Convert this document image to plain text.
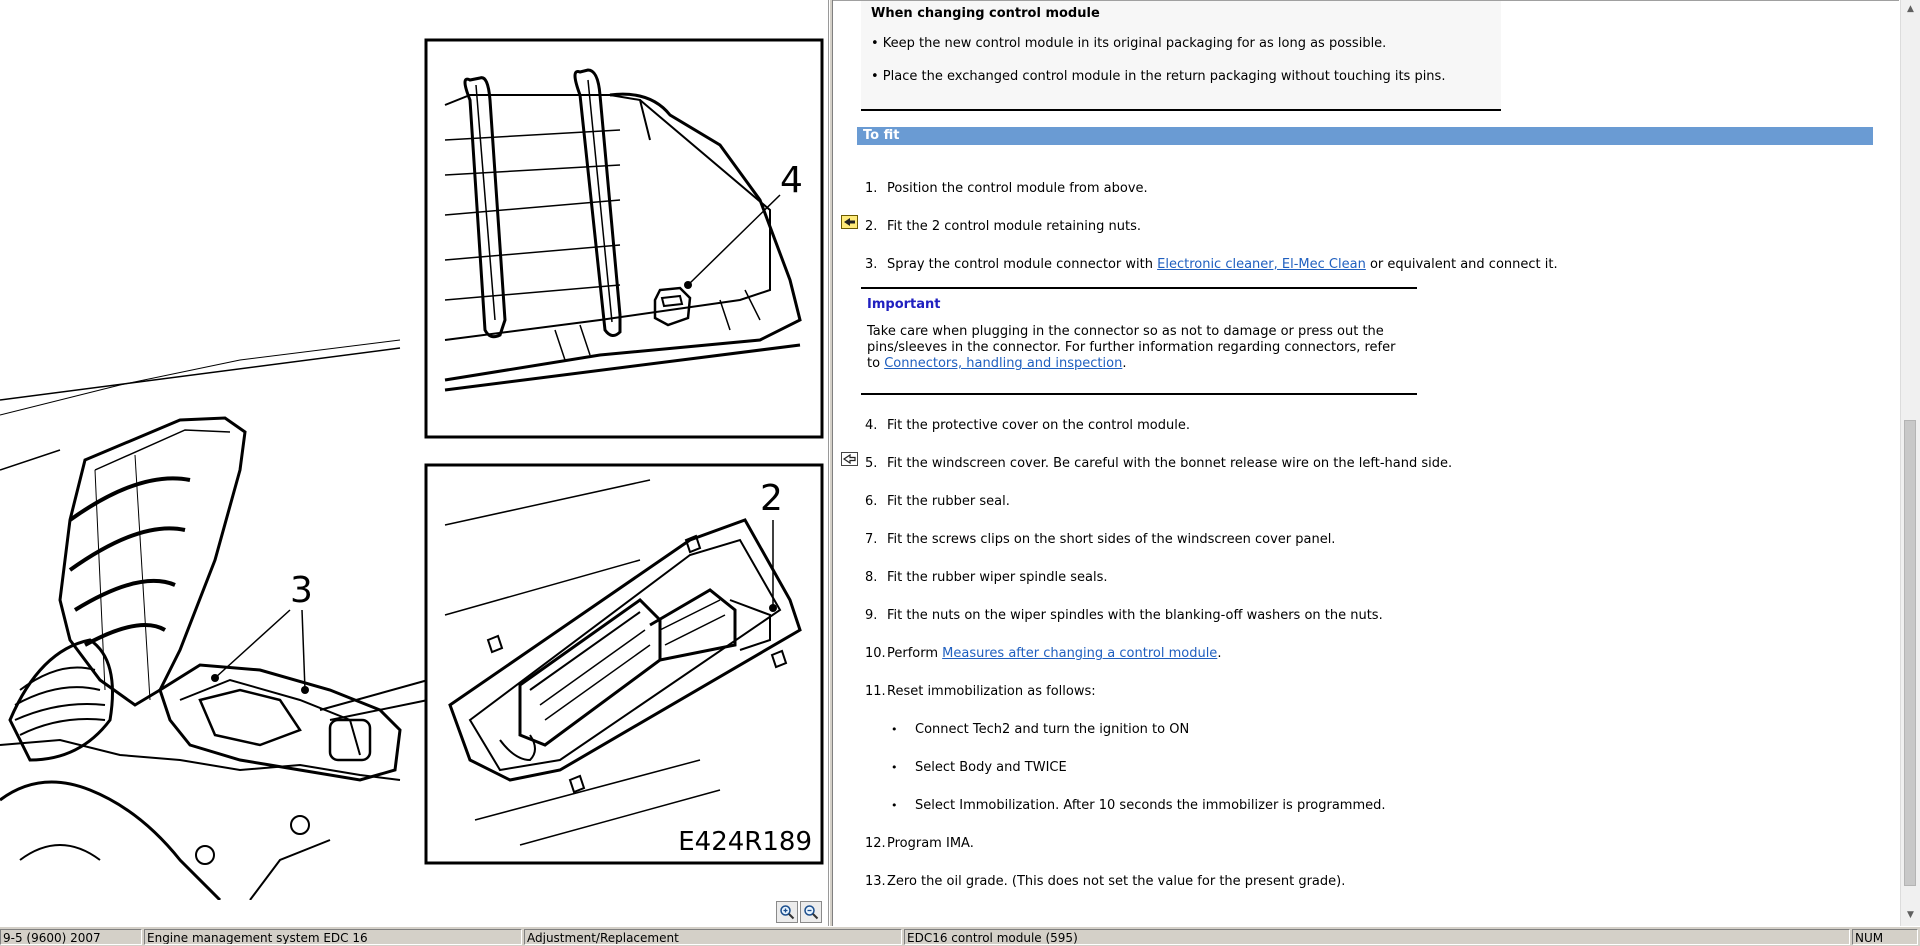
3
4
2
E424R189
When changing control module

• Keep the new control module in its original packaging for as long as possible.

• Place the exchanged control module in the return packaging without touching its pins.

To fit
1. Position the control module from above.
2. Fit the 2 control module retaining nuts.
3. Spray the control module connector with Electronic cleaner, El-Mec Clean or equivalent and connect it.
Important
Take care when plugging in the connector so as not to damage or press out the
pins/sleeves in the connector. For further information regarding connectors, refer
to Connectors, handling and inspection.
4. Fit the protective cover on the control module.
5. Fit the windscreen cover. Be careful with the bonnet release wire on the left-hand side.
6. Fit the rubber seal.
7. Fit the screws clips on the short sides of the windscreen cover panel.
8. Fit the rubber wiper spindle seals.
9. Fit the nuts on the wiper spindles with the blanking-off washers on the nuts.
10.Perform Measures after changing a control module.
11.Reset immobilization as follows:
• Connect Tech2 and turn the ignition to ON
• Select Body and TWICE
• Select Immobilization. After 10 seconds the immobilizer is programmed.
12.Program IMA.
13.Zero the oil grade. (This does not set the value for the present grade).
▲
▼
9-5 (9600) 2007	Engine management system EDC 16	Adjustment/Replacement	EDC16 control module (595)	NUM
